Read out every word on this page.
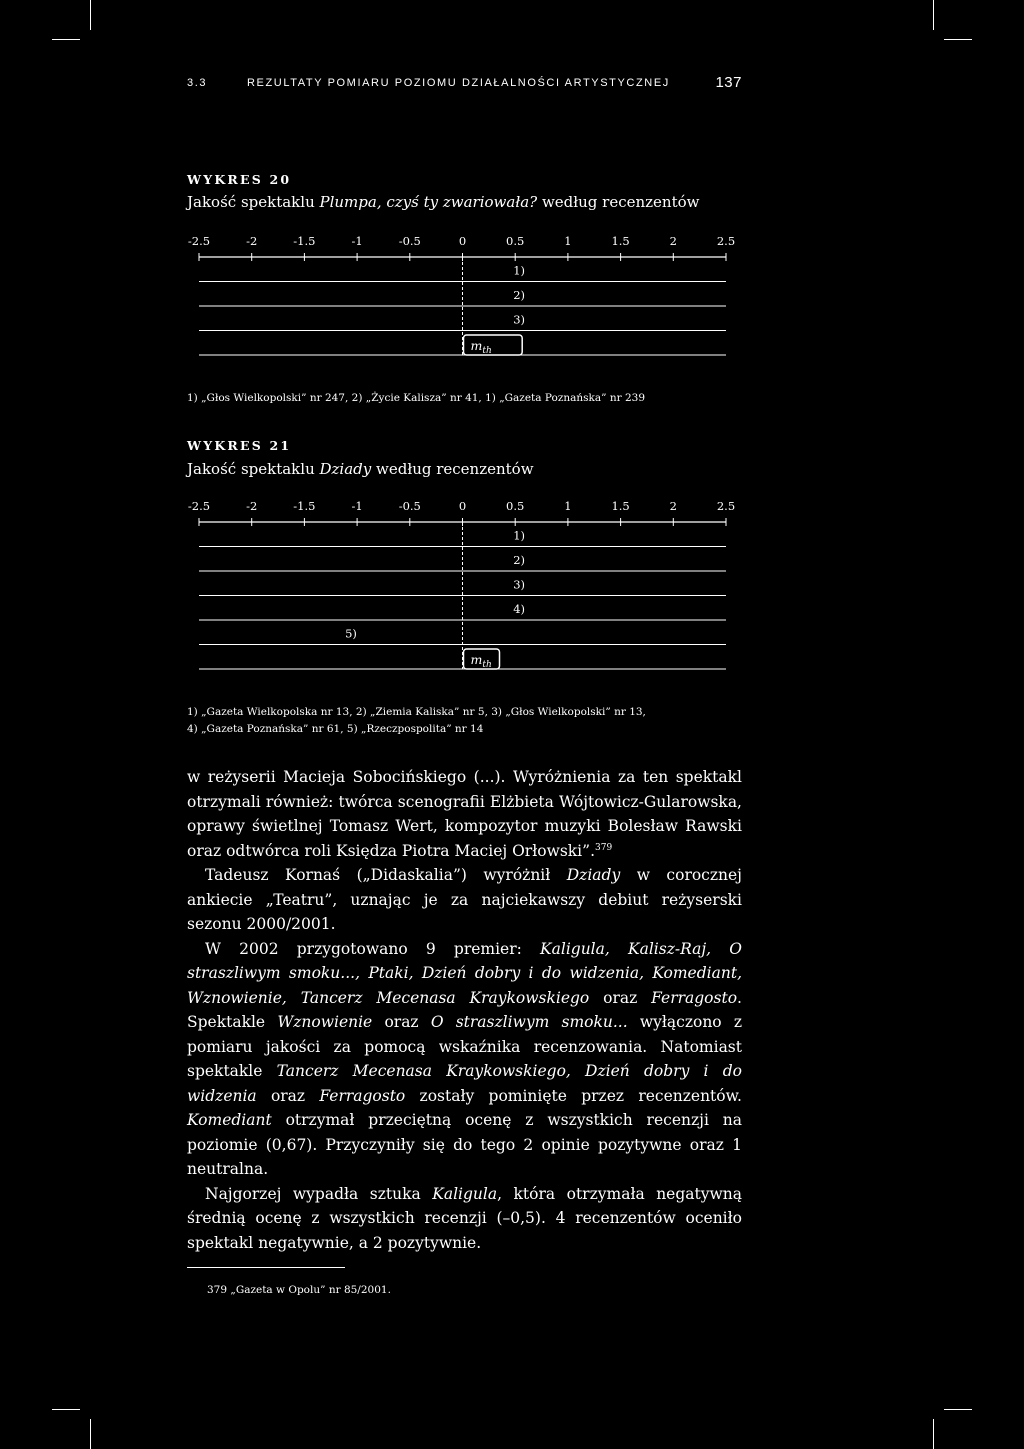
3.3	REZULTATY POMIARU POZIOMU DZIAŁALNOŚCI ARTYSTYCZNEJ	137
WYKRES 20
Jakość spektaklu Plumpa, czyś ty zwariowała? według recenzentów
-2.5	-2	-1.5	-1	-0.5	0	0.5	1	1.5	2	2.5
1)
2)
3)
$m_{th}$
1) „Głos Wielkopolski” nr 247, 2) „Życie Kalisza” nr 41, 1) „Gazeta Poznańska” nr 239
WYKRES 21
Jakość spektaklu Dziady według recenzentów
-2.5	-2	-1.5	-1	-0.5	0	0.5	1	1.5	2	2.5
1)
2)
3)
4)
5)
$m_{th}$
1) „Gazeta Wielkopolska nr 13, 2) „Ziemia Kaliska” nr 5, 3) „Głos Wielkopolski” nr 13,
4) „Gazeta Poznańska” nr 61, 5) „Rzeczpospolita” nr 14

w reżyserii Macieja Sobocińskiego (...). Wyróżnienia za ten spektakl otrzymali również: twórca scenografii Elżbieta Wójtowicz-Gularowska, oprawy świetlnej Tomasz Wert, kompozytor muzyki Bolesław Rawski oraz odtwórca roli Księdza Piotra Maciej Orłowski”.$^{379}$

Tadeusz Kornaś („Didaskalia”) wyróżnił Dziady w corocznej ankiecie „Teatru”, uznając je za najciekawszy debiut reżyserski sezonu 2000/2001.

W 2002 przygotowano 9 premier: Kaligula, Kalisz-Raj, O straszliwym smoku..., Ptaki, Dzień dobry i do widzenia, Komediant, Wznowienie, Tancerz Mecenasa Kraykowskiego oraz Ferragosto. Spektakle Wznowienie oraz O straszliwym smoku... wyłączono z pomiaru jakości za pomocą wskaźnika recenzowania. Natomiast spektakle Tancerz Mecenasa Kraykowskiego, Dzień dobry i do widzenia oraz Ferragosto zostały pominięte przez recenzentów. Komediant otrzymał przeciętną ocenę z wszystkich recenzji na poziomie (0,67). Przyczyniły się do tego 2 opinie pozytywne oraz 1 neutralna.

Najgorzej wypadła sztuka Kaligula, która otrzymała negatywną średnią ocenę z wszystkich recenzji (–0,5). 4 recenzentów oceniło spektakl negatywnie, a 2 pozytywnie.

379 „Gazeta w Opolu” nr 85/2001.
